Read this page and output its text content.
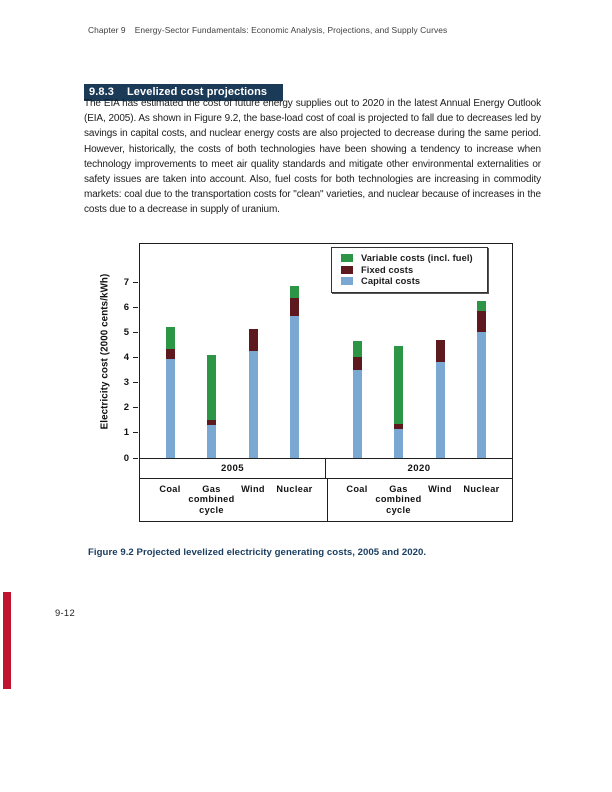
Chapter 9 Energy-Sector Fundamentals: Economic Analysis, Projections, and Supply Curves
9.8.3 Levelized cost projections

The EIA has estimated the cost of future energy supplies out to 2020 in the latest Annual Energy Outlook (EIA, 2005). As shown in Figure 9.2, the base-load cost of coal is projected to fall due to decreases led by savings in capital costs, and nuclear energy costs are also projected to decrease during the same period. However, historically, the costs of both technologies have been showing a tendency to increase when technology improvements to meet air quality standards and mitigate other environmental externalities or safety issues are taken into account. Also, fuel costs for both technologies are increasing in commodity markets: coal due to the transportation costs for "clean" varieties, and nuclear because of increases in the costs due to a decrease in supply of uranium.

Electricity cost (2000 cents/kWh)
0
1
2
3
4
5
6
7
Variable costs (incl. fuel)
Fixed costs
Capital costs
2005	2020
Coal	Gas combined cycle
Wind	Nuclear	Coal	Gas combined cycle
Wind	Nuclear

Figure 9.2 Projected levelized electricity generating costs, 2005 and 2020.

9-12
